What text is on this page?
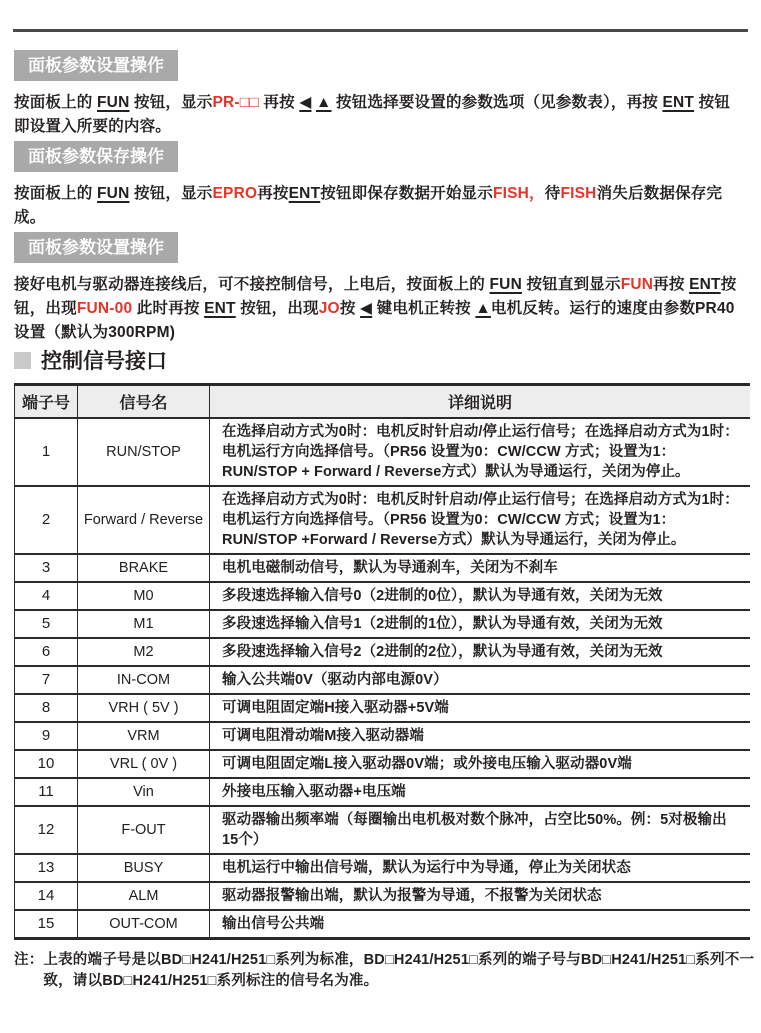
面板参数设置操作

按面板上的 FUN 按钮，显示PR-□□ 再按 ◀ ▲ 按钮选择要设置的参数选项（见参数表），再按 ENT 按钮即设置入所要的内容。

面板参数保存操作

按面板上的 FUN 按钮，显示EPRO再按ENT按钮即保存数据开始显示FISH，待FISH消失后数据保存完成。

面板参数设置操作

接好电机与驱动器连接线后，可不接控制信号，上电后，按面板上的 FUN 按钮直到显示FUN再按 ENT按钮，出现FUN-00 此时再按 ENT 按钮，出现JO按 ◀ 键电机正转按 ▲电机反转。运行的速度由参数PR40设置（默认为300RPM)

控制信号接口
端子号	信号名	详细说明
1	RUN/STOP	在选择启动方式为0时：电机反时针启动/停止运行信号；在选择启动方式为1时：电机运行方向选择信号。（PR56 设置为0：CW/CCW 方式；设置为1：RUN/STOP + Forward / Reverse方式）默认为导通运行，关闭为停止。
2	Forward / Reverse	在选择启动方式为0时：电机反时针启动/停止运行信号；在选择启动方式为1时：电机运行方向选择信号。（PR56 设置为0：CW/CCW 方式；设置为1：RUN/STOP +Forward / Reverse方式）默认为导通运行，关闭为停止。
3	BRAKE	电机电磁制动信号，默认为导通刹车，关闭为不刹车
4	M0	多段速选择输入信号0（2进制的0位），默认为导通有效，关闭为无效
5	M1	多段速选择输入信号1（2进制的1位），默认为导通有效，关闭为无效
6	M2	多段速选择输入信号2（2进制的2位），默认为导通有效，关闭为无效
7	IN-COM	输入公共端0V（驱动内部电源0V）
8	VRH ( 5V )	可调电阻固定端H接入驱动器+5V端
9	VRM	可调电阻滑动端M接入驱动器端
10	VRL ( 0V )	可调电阻固定端L接入驱动器0V端；或外接电压输入驱动器0V端
11	Vin	外接电压输入驱动器+电压端
12	F-OUT	驱动器输出频率端（每圈输出电机极对数个脉冲，占空比50%。例：5对极输出15个）
13	BUSY	电机运行中输出信号端，默认为运行中为导通，停止为关闭状态
14	ALM	驱动器报警输出端，默认为报警为导通，不报警为关闭状态
15	OUT-COM	输出信号公共端
注： 上表的端子号是以BD□H241/H251□系列为标准，BD□H241/H251□系列的端子号与BD□H241/H251□系列不一致，请以BD□H241/H251□系列标注的信号名为准。
